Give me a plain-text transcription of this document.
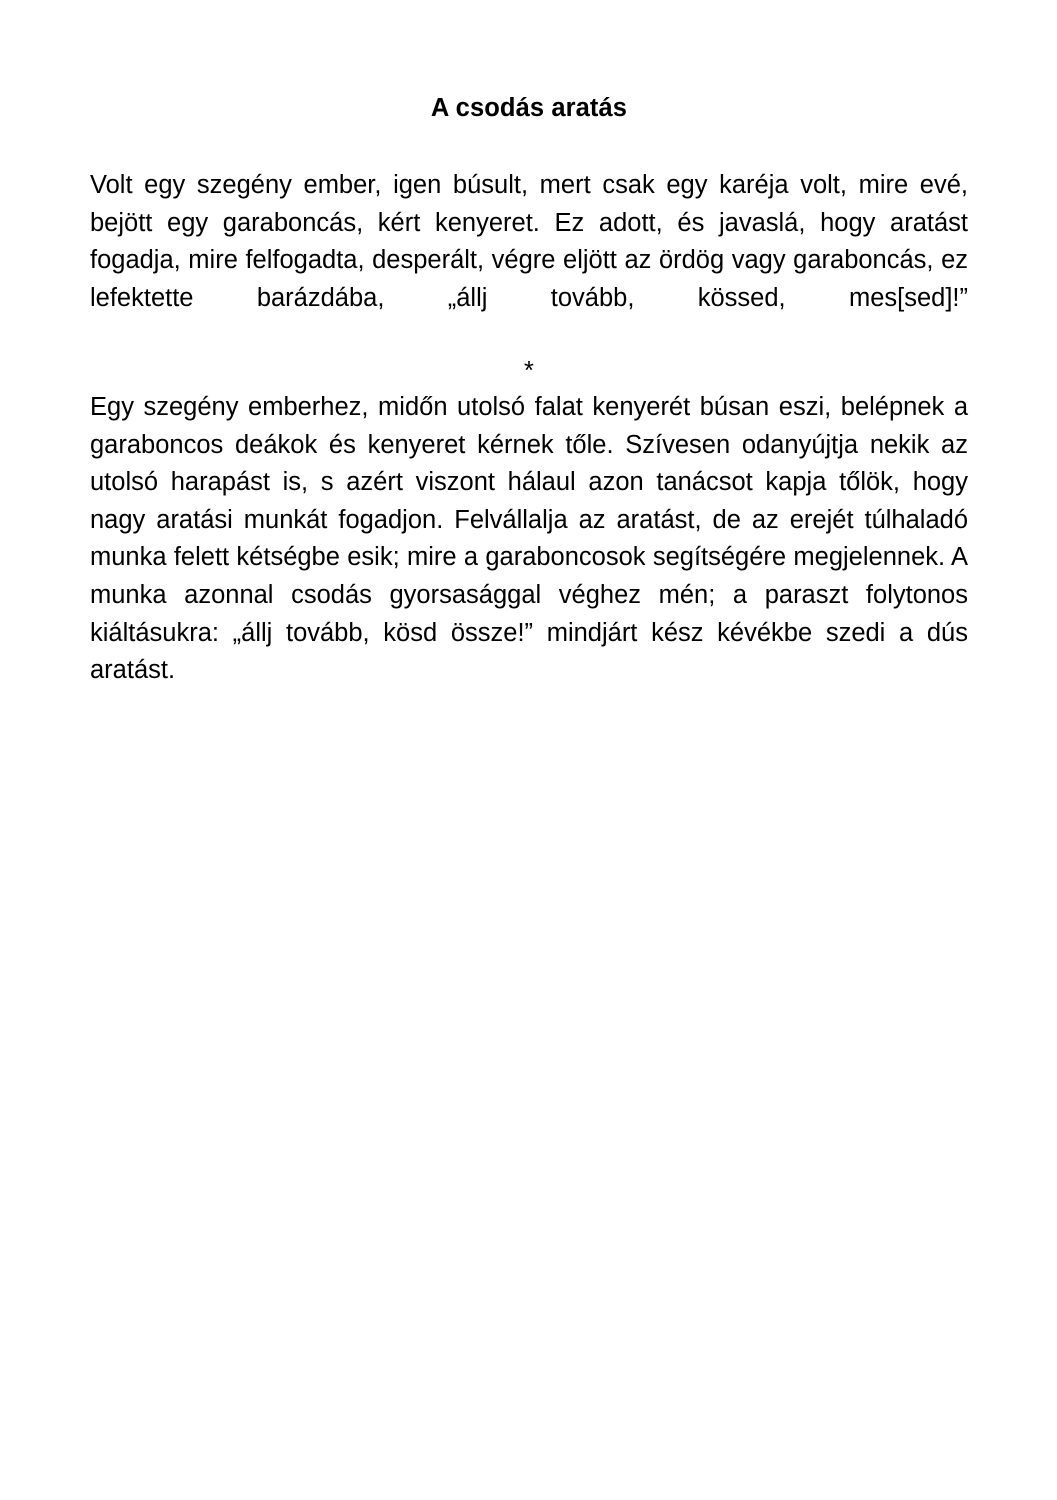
A csodás aratás

Volt egy szegény ember, igen búsult, mert csak egy karéja volt, mire evé, bejött egy garaboncás, kért kenyeret. Ez adott, és javaslá, hogy aratást fogadja, mire felfogadta, desperált, végre eljött az ördög vagy garaboncás, ez lefektette barázdába, „állj tovább, kössed, mes[sed]!”

*

Egy szegény emberhez, midőn utolsó falat kenyerét búsan eszi, belépnek a garaboncos deákok és kenyeret kérnek tőle. Szívesen odanyújtja nekik az utolsó harapást is, s azért viszont hálaul azon tanácsot kapja tőlök, hogy nagy aratási munkát fogadjon. Felvállalja az aratást, de az erejét túlhaladó munka felett kétségbe esik; mire a garaboncosok segítségére megjelennek. A munka azonnal csodás gyorsasággal véghez mén; a paraszt folytonos kiáltásukra: „állj tovább, kösd össze!” mindjárt kész kévékbe szedi a dús aratást.
